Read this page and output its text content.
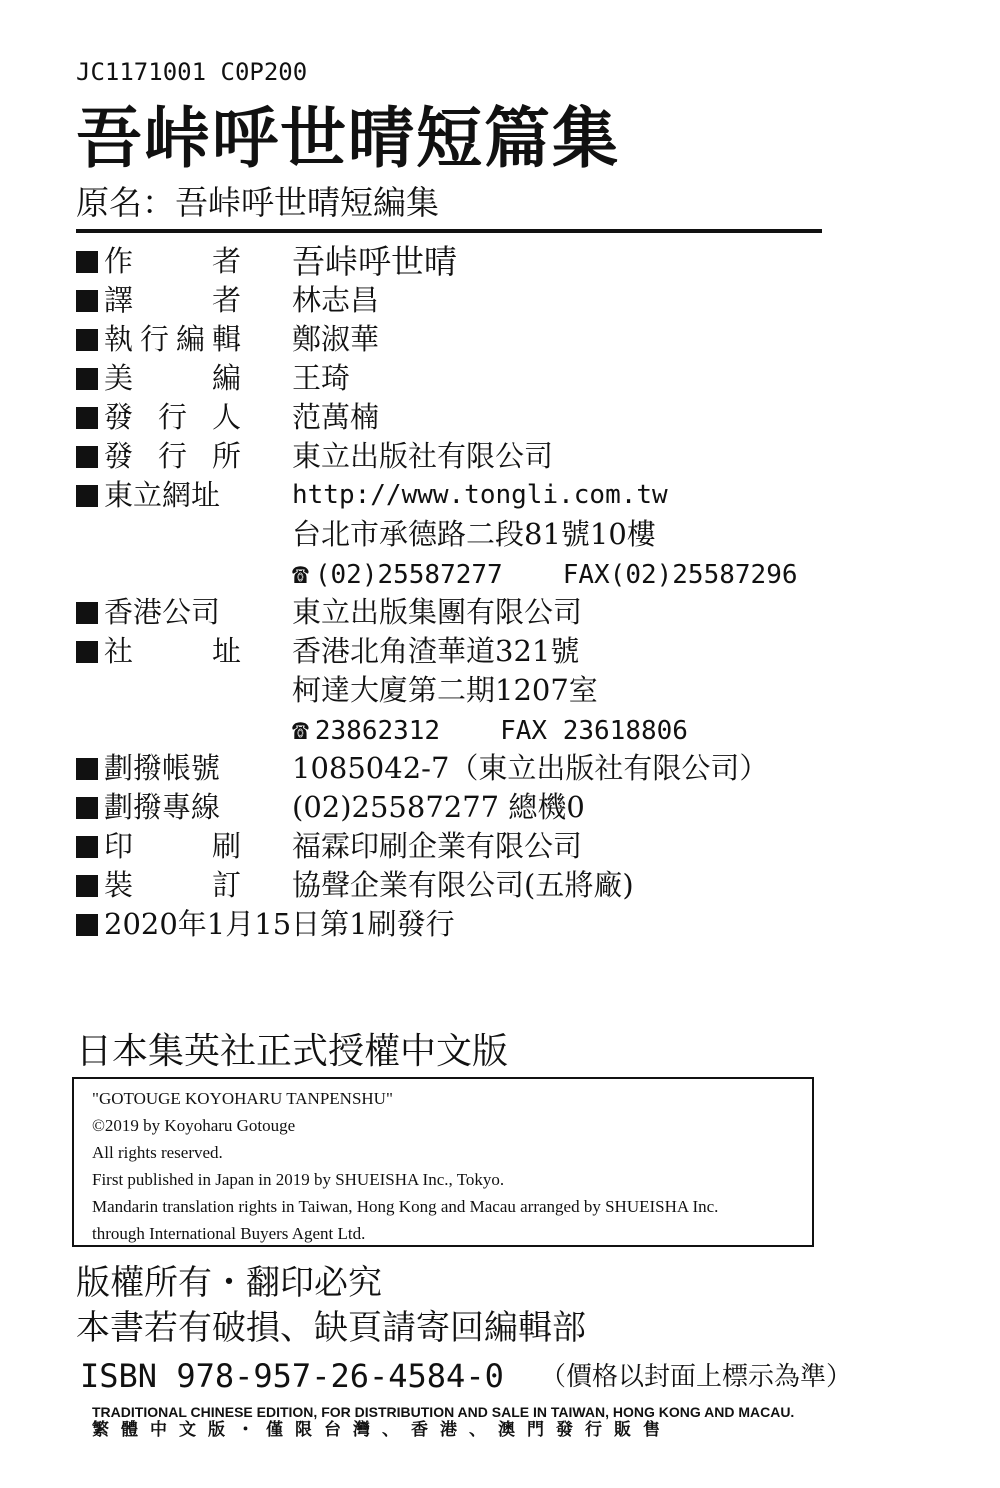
JC1171001 C0P200
吾峠呼世晴短篇集
原名：吾峠呼世晴短編集
作	者 吾峠呼世晴
譯	者 林志昌
執 行 編 輯 鄭淑華
美	編 王琦
發 行 人 范萬楠
發 行 所 東立出版社有限公司
東立網址	http://www.tongli.com.tw
台北市承德路二段81號10樓
☎ (02)25587277 FAX(02)25587296
香港公司	東立出版集團有限公司
社	址 香港北角渣華道321號
柯達大廈第二期1207室
☎ 23862312 FAX 23618806
劃撥帳號	1085042-7（東立出版社有限公司）
劃撥專線	(02)25587277 總機0
印	刷 福霖印刷企業有限公司
裝	訂 協聲企業有限公司(五將廠)
2020年1月15日第1刷發行
日本集英社正式授權中文版
"GOTOUGE KOYOHARU TANPENSHU"
©2019 by Koyoharu Gotouge
All rights reserved.
First published in Japan in 2019 by SHUEISHA Inc., Tokyo.
Mandarin translation rights in Taiwan, Hong Kong and Macau arranged by SHUEISHA Inc.
through International Buyers Agent Ltd.
版權所有・翻印必究
本書若有破損、缺頁請寄回編輯部
ISBN 978-957-26-4584-0 （價格以封面上標示為準）
TRADITIONAL CHINESE EDITION, FOR DISTRIBUTION AND SALE IN TAIWAN, HONG KONG AND MACAU.
繁體中文版・僅限台灣、香港、澳門發行販售
